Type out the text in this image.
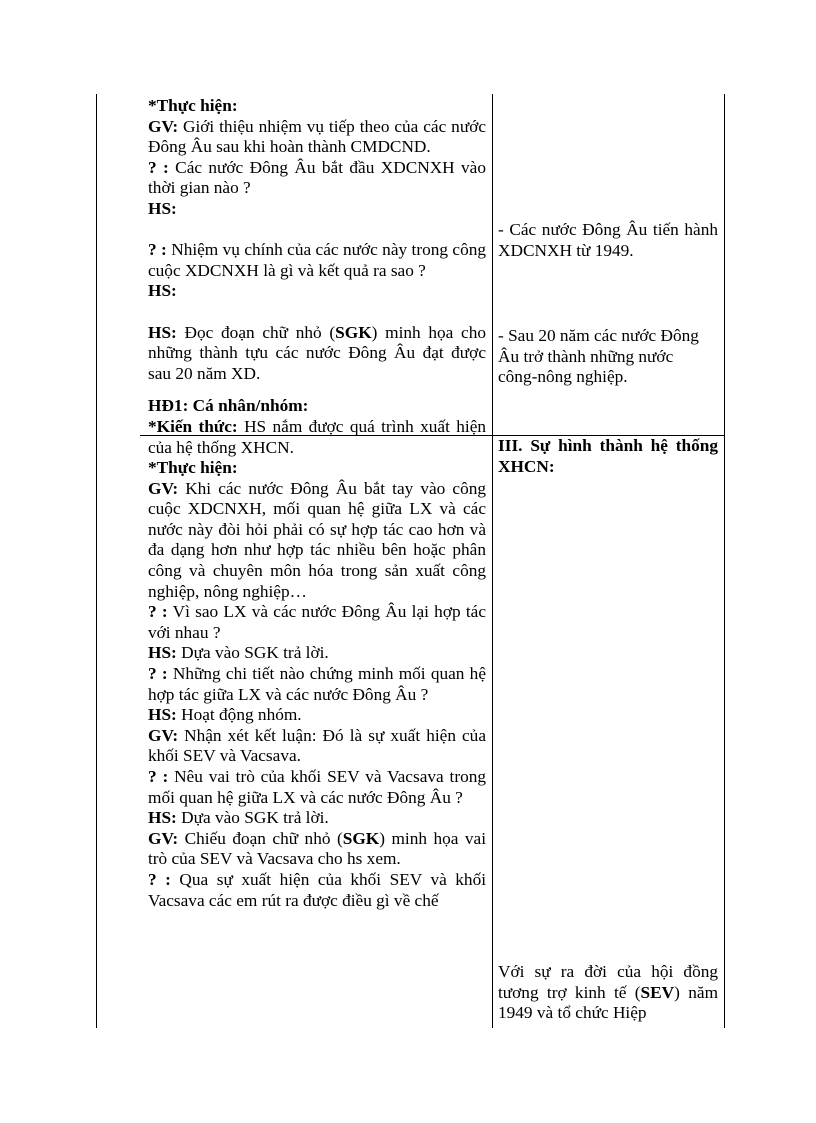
*Thực hiện:

GV: Giới thiệu nhiệm vụ tiếp theo của các nước Đông Âu sau khi hoàn thành CMDCND.

? : Các nước Đông Âu bắt đầu XDCNXH vào thời gian nào ?

HS:

? : Nhiệm vụ chính của các nước này trong công cuộc XDCNXH là gì và kết quả ra sao ?

HS:

HS: Đọc đoạn chữ nhỏ (SGK) minh họa cho những thành tựu các nước Đông Âu đạt được sau 20 năm XD.

HĐ1: Cá nhân/nhóm:

*Kiến thức: HS nắm được quá trình xuất hiện của hệ thống XHCN.

*Thực hiện:

GV: Khi các nước Đông Âu bắt tay vào công cuộc XDCNXH, mối quan hệ giữa LX và các nước này đòi hỏi phải có sự hợp tác cao hơn và đa dạng hơn như hợp tác nhiều bên hoặc phân công và chuyên môn hóa trong sản xuất công nghiệp, nông nghiệp…

? : Vì sao LX và các nước Đông Âu lại hợp tác với nhau ?

HS: Dựa vào SGK trả lời.

? : Những chi tiết nào chứng minh mối quan hệ hợp tác giữa LX và các nước Đông Âu ?

HS: Hoạt động nhóm.

GV: Nhận xét kết luận: Đó là sự xuất hiện của khối SEV và Vacsava.

? : Nêu vai trò của khối SEV và Vacsava trong mối quan hệ giữa LX và các nước Đông Âu ?

HS: Dựa vào SGK trả lời.

GV: Chiếu đoạn chữ nhỏ (SGK) minh họa vai trò của SEV và Vacsava cho hs xem.

? : Qua sự xuất hiện của khối SEV và khối Vacsava các em rút ra được điều gì về chế

- Các nước Đông Âu tiến hành XDCNXH từ 1949.

- Sau 20 năm các nước Đông Âu trở thành những nước công-nông nghiệp.

III. Sự hình thành hệ thống XHCN:

Với sự ra đời của hội đồng tương trợ kinh tế (SEV) năm 1949 và tổ chức Hiệp
